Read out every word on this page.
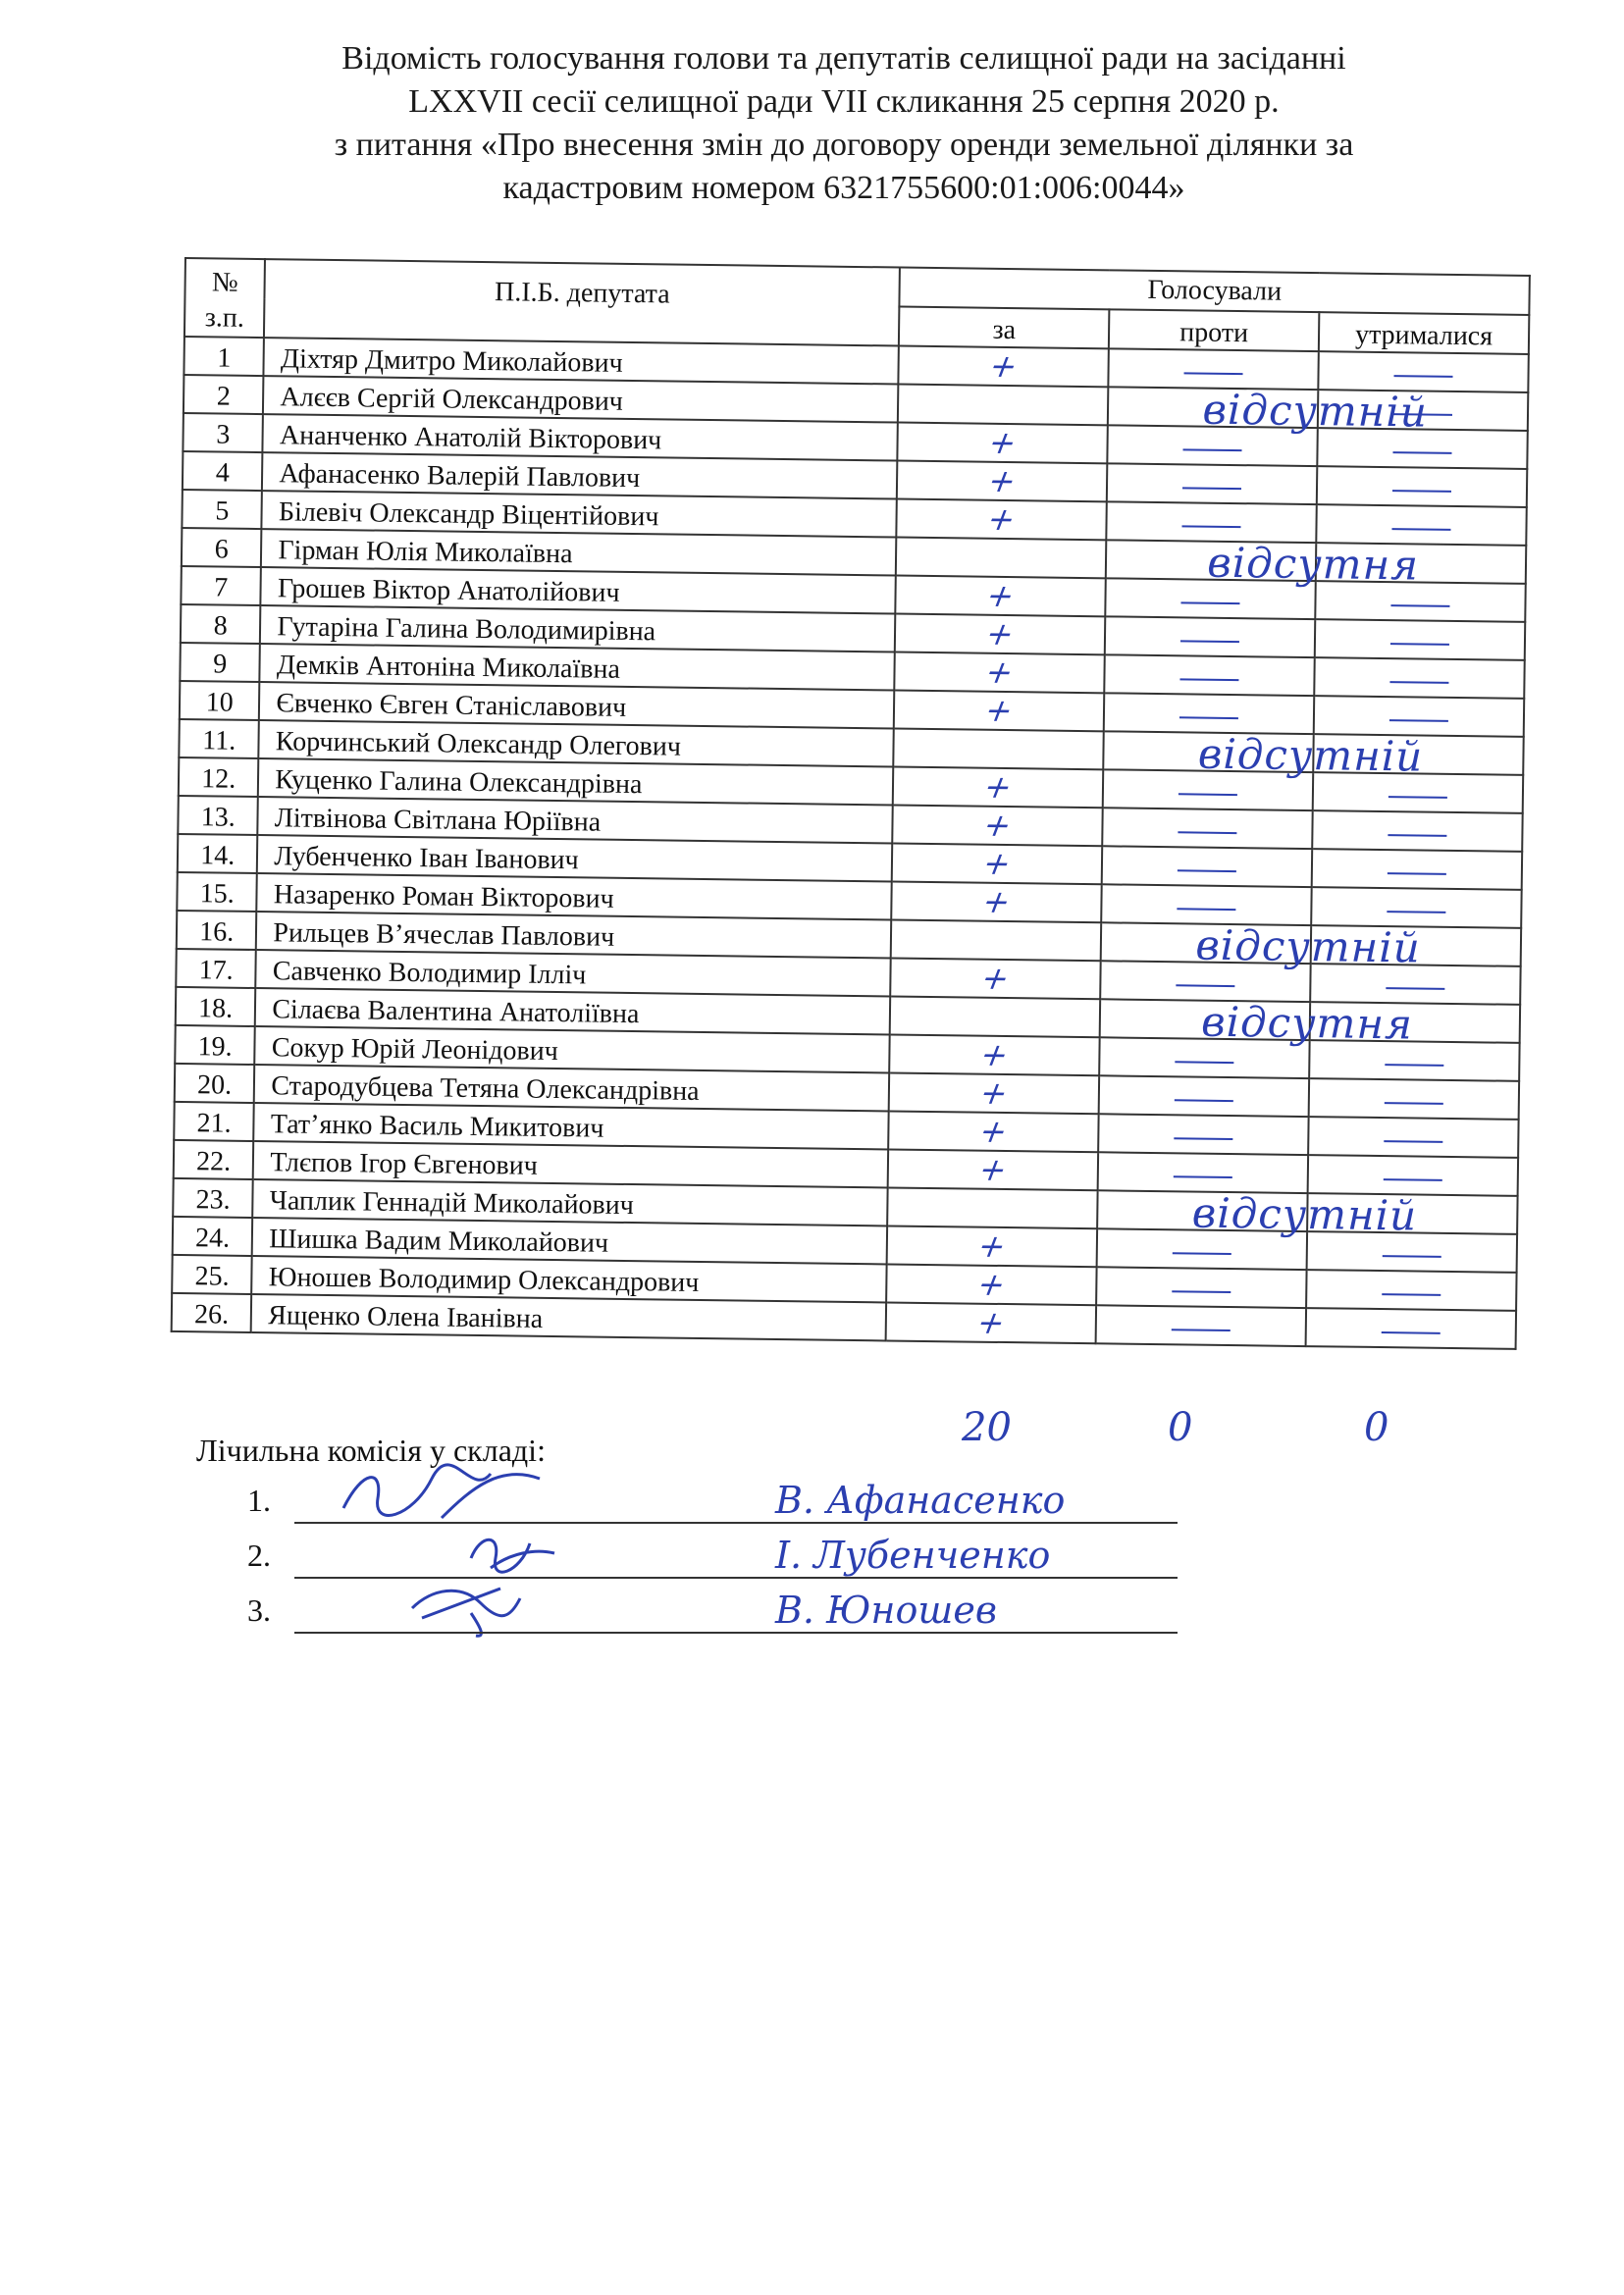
Відомість голосування голови та депутатів селищної ради на засіданні
LXXVII сесії селищної ради VII скликання 25 серпня 2020 р.
з питання «Про внесення змін до договору оренди земельної ділянки за
кадастровим номером 6321755600:01:006:0044»
№
з.п.	П.І.Б. депутата	Голосували		
		за	проти	утрималися
1	Діхтяр Дмитро Миколайович	+		
2	Алєєв Сергій Олександрович		відсутній	

3	Ананченко Анатолій Вікторович	+		
4	Афанасенко Валерій Павлович	+		
5	Білевіч Олександр Віцентійович	+		
6	Гірман Юлія Миколаївна		відсутня	

7	Грошев Віктор Анатолійович	+		
8	Гутаріна Галина Володимирівна	+		
9	Демків Антоніна Миколаївна	+		
10	Євченко Євген Станіславович	+		
11.	Корчинський Олександр Олегович		відсутній	

12.	Куценко Галина Олександрівна	+		
13.	Літвінова Світлана Юріївна	+		
14.	Лубенченко Іван Іванович	+		
15.	Назаренко Роман Вікторович	+		
16.	Рильцев В’ячеслав Павлович		відсутній	

17.	Савченко Володимир Ілліч	+		
18.	Сілаєва Валентина Анатоліївна		відсутня	

19.	Сокур Юрій Леонідович	+		
20.	Стародубцева Тетяна Олександрівна	+		
21.	Тат’янко Василь Микитович	+		
22.	Тлєпов Ігор Євгенович	+		
23.	Чаплик Геннадій Миколайович		відсутній	

24.	Шишка Вадим Миколайович	+		
25.	Юношев Володимир Олександрович	+		
26.	Ященко Олена Іванівна	+		
20	0	0
Лічильна комісія у складі:
1.	В. Афанасенко
2.	І. Лубенченко
3.	В. Юношев
